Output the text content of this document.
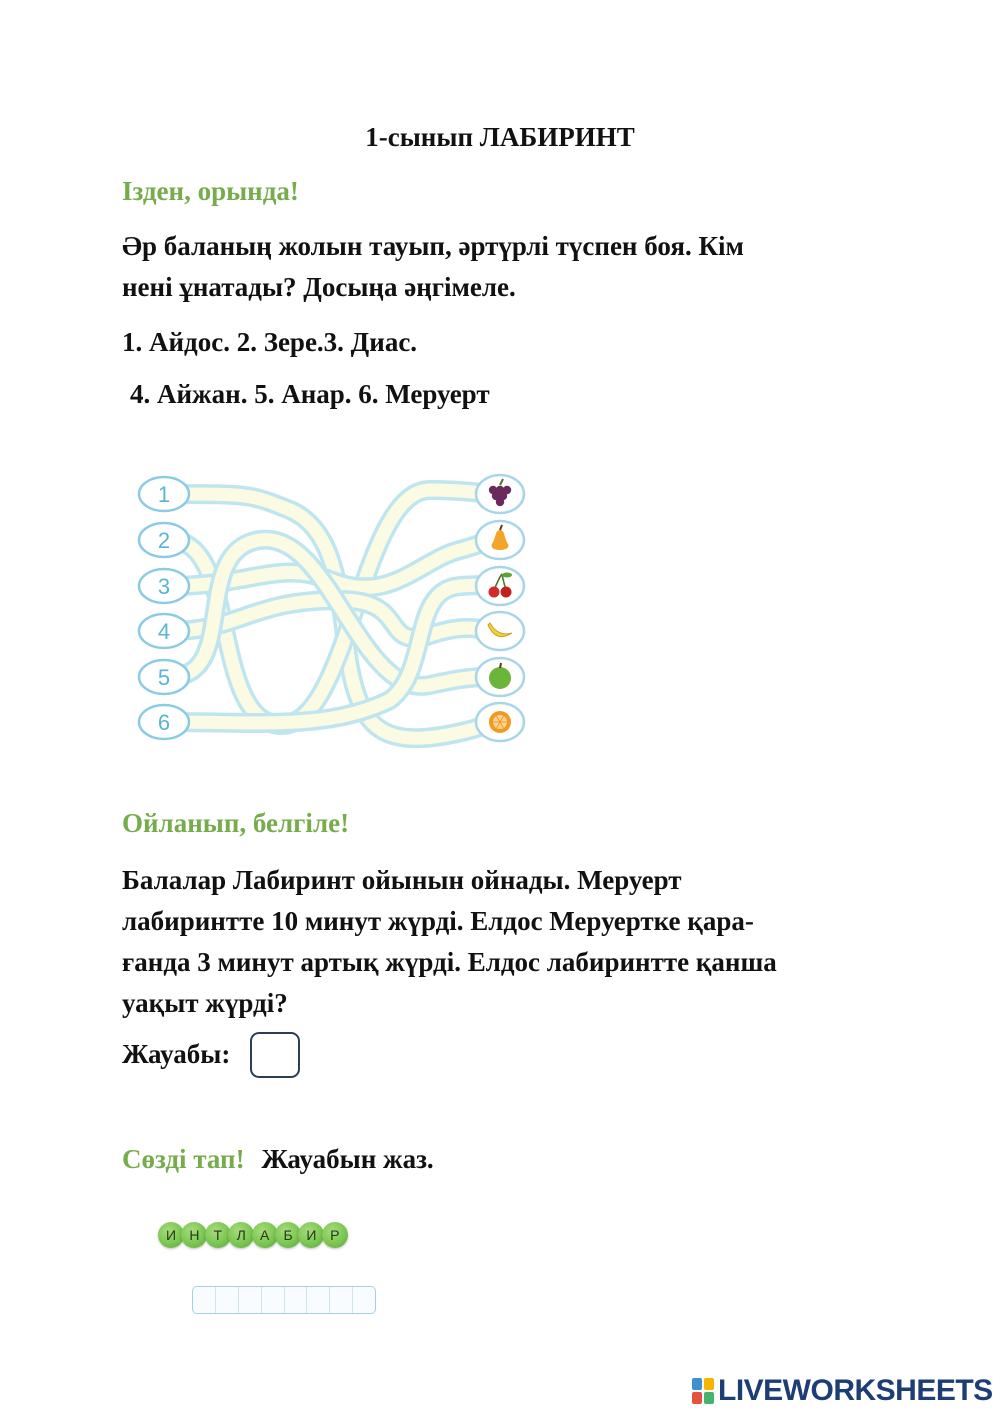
1-сынып ЛАБИРИНТ
Ізден, орында!
Әр баланың жолын тауып, әртүрлі түспен боя. Кім
нені ұнатады? Досыңа әңгімеле.
1. Айдос. 2. Зере.3. Диас.
4. Айжан. 5. Анар. 6. Меруерт
1
2
3
4
5
6
Ойланып, белгіле!
Балалар Лабиринт ойынын ойнады. Меруерт
лабиринтте 10 минут жүрді. Елдос Меруертке қара-
ғанда 3 минут артық жүрді. Елдос лабиринтте қанша
уақыт жүрді?
Жауабы:
Сөзді тап! Жауабын жаз.
И Н	Т	Л	А	Б И Р
LIVEWORKSHEETS
